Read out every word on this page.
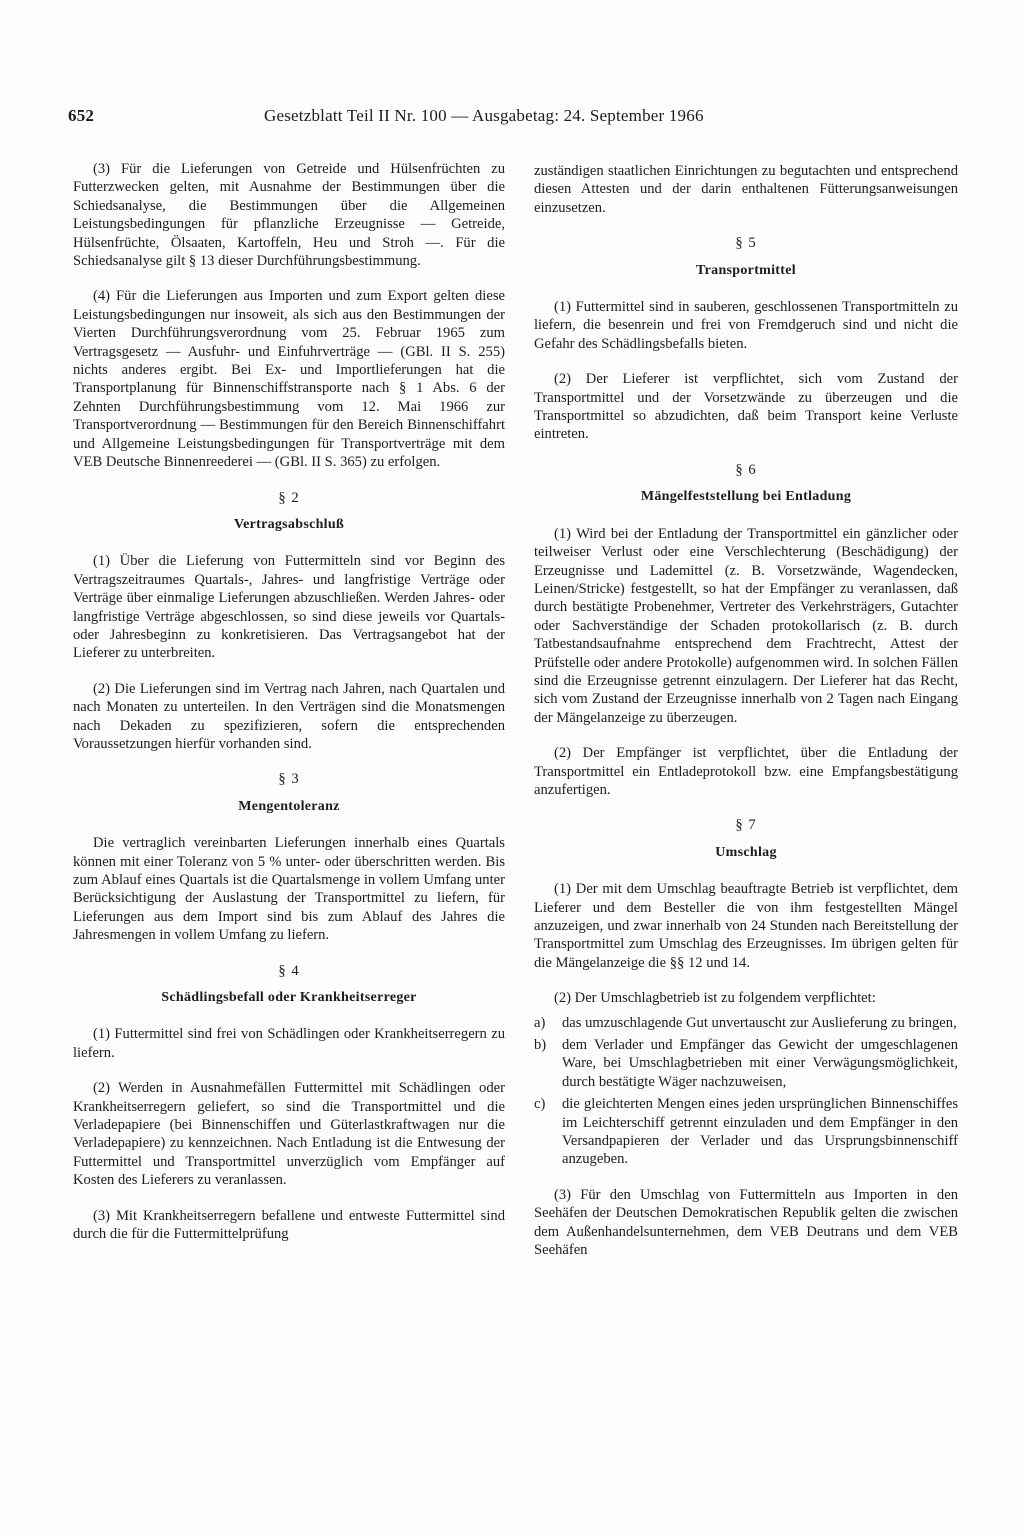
652	Gesetzblatt Teil II Nr. 100 — Ausgabetag: 24. September 1966

(3) Für die Lieferungen von Getreide und Hülsenfrüchten zu Futterzwecken gelten, mit Ausnahme der Bestimmungen über die Schiedsanalyse, die Bestimmungen über die Allgemeinen Leistungsbedingungen für pflanzliche Erzeugnisse — Getreide, Hülsenfrüchte, Ölsaaten, Kartoffeln, Heu und Stroh —. Für die Schiedsanalyse gilt § 13 dieser Durchführungsbestimmung.

(4) Für die Lieferungen aus Importen und zum Export gelten diese Leistungsbedingungen nur insoweit, als sich aus den Bestimmungen der Vierten Durchführungsverordnung vom 25. Februar 1965 zum Vertragsgesetz — Ausfuhr- und Einfuhrverträge — (GBl. II S. 255) nichts anderes ergibt. Bei Ex- und Importlieferungen hat die Transportplanung für Binnenschiffstransporte nach § 1 Abs. 6 der Zehnten Durchführungsbestimmung vom 12. Mai 1966 zur Transportverordnung — Bestimmungen für den Bereich Binnenschiffahrt und Allgemeine Leistungsbedingungen für Transportverträge mit dem VEB Deutsche Binnenreederei — (GBl. II S. 365) zu erfolgen.

§ 2
Vertragsabschluß

(1) Über die Lieferung von Futtermitteln sind vor Beginn des Vertragszeitraumes Quartals-, Jahres- und langfristige Verträge oder Verträge über einmalige Lieferungen abzuschließen. Werden Jahres- oder langfristige Verträge abgeschlossen, so sind diese jeweils vor Quartals- oder Jahresbeginn zu konkretisieren. Das Vertragsangebot hat der Lieferer zu unterbreiten.

(2) Die Lieferungen sind im Vertrag nach Jahren, nach Quartalen und nach Monaten zu unterteilen. In den Verträgen sind die Monatsmengen nach Dekaden zu spezifizieren, sofern die entsprechenden Voraussetzungen hierfür vorhanden sind.

§ 3
Mengentoleranz

Die vertraglich vereinbarten Lieferungen innerhalb eines Quartals können mit einer Toleranz von 5 % unter- oder überschritten werden. Bis zum Ablauf eines Quartals ist die Quartalsmenge in vollem Umfang unter Berücksichtigung der Auslastung der Transportmittel zu liefern, für Lieferungen aus dem Import sind bis zum Ablauf des Jahres die Jahresmengen in vollem Umfang zu liefern.

§ 4
Schädlingsbefall oder Krankheitserreger

(1) Futtermittel sind frei von Schädlingen oder Krankheitserregern zu liefern.

(2) Werden in Ausnahmefällen Futtermittel mit Schädlingen oder Krankheitserregern geliefert, so sind die Transportmittel und die Verladepapiere (bei Binnenschiffen und Güterlastkraftwagen nur die Verladepapiere) zu kennzeichnen. Nach Entladung ist die Entwesung der Futtermittel und Transportmittel unverzüglich vom Empfänger auf Kosten des Lieferers zu veranlassen.

(3) Mit Krankheitserregern befallene und entweste Futtermittel sind durch die für die Futtermittelprüfung

zuständigen staatlichen Einrichtungen zu begutachten und entsprechend diesen Attesten und der darin enthaltenen Fütterungsanweisungen einzusetzen.

§ 5
Transportmittel

(1) Futtermittel sind in sauberen, geschlossenen Transportmitteln zu liefern, die besenrein und frei von Fremdgeruch sind und nicht die Gefahr des Schädlingsbefalls bieten.

(2) Der Lieferer ist verpflichtet, sich vom Zustand der Transportmittel und der Vorsetzwände zu überzeugen und die Transportmittel so abzudichten, daß beim Transport keine Verluste eintreten.

§ 6
Mängelfeststellung bei Entladung

(1) Wird bei der Entladung der Transportmittel ein gänzlicher oder teilweiser Verlust oder eine Verschlechterung (Beschädigung) der Erzeugnisse und Lademittel (z. B. Vorsetzwände, Wagendecken, Leinen/Stricke) festgestellt, so hat der Empfänger zu veranlassen, daß durch bestätigte Probenehmer, Vertreter des Verkehrsträgers, Gutachter oder Sachverständige der Schaden protokollarisch (z. B. durch Tatbestandsaufnahme entsprechend dem Frachtrecht, Attest der Prüfstelle oder andere Protokolle) aufgenommen wird. In solchen Fällen sind die Erzeugnisse getrennt einzulagern. Der Lieferer hat das Recht, sich vom Zustand der Erzeugnisse innerhalb von 2 Tagen nach Eingang der Mängelanzeige zu überzeugen.

(2) Der Empfänger ist verpflichtet, über die Entladung der Transportmittel ein Entladeprotokoll bzw. eine Empfangsbestätigung anzufertigen.

§ 7
Umschlag

(1) Der mit dem Umschlag beauftragte Betrieb ist verpflichtet, dem Lieferer und dem Besteller die von ihm festgestellten Mängel anzuzeigen, und zwar innerhalb von 24 Stunden nach Bereitstellung der Transportmittel zum Umschlag des Erzeugnisses. Im übrigen gelten für die Mängelanzeige die §§ 12 und 14.

(2) Der Umschlagbetrieb ist zu folgendem verpflichtet:

a)	das umzuschlagende Gut unvertauscht zur Auslieferung zu bringen,
b)	dem Verlader und Empfänger das Gewicht der umgeschlagenen Ware, bei Umschlagbetrieben mit einer Verwägungsmöglichkeit, durch bestätigte Wäger nachzuweisen,
c)	die gleichterten Mengen eines jeden ursprünglichen Binnenschiffes im Leichterschiff getrennt einzuladen und dem Empfänger in den Versandpapieren der Verlader und das Ursprungsbinnenschiff anzugeben.

(3) Für den Umschlag von Futtermitteln aus Importen in den Seehäfen der Deutschen Demokratischen Republik gelten die zwischen dem Außenhandelsunternehmen, dem VEB Deutrans und dem VEB Seehäfen
